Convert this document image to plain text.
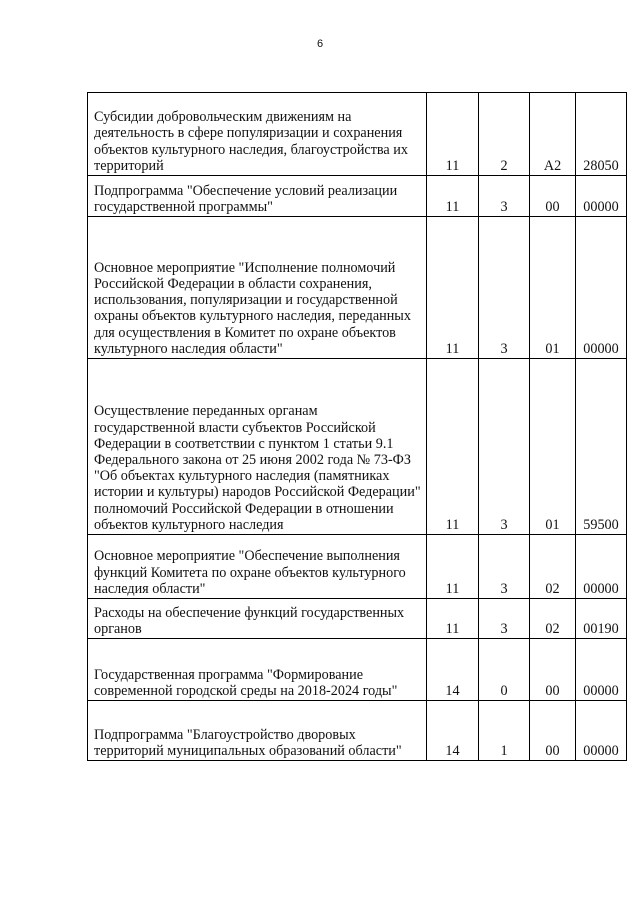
6
Субсидии добровольческим движениям на деятельность в сфере популяризации и сохранения объектов культурного наследия, благоустройства их территорий	11	2	А2	28050
Подпрограмма "Обеспечение условий реализации государственной программы"	11	3	00	00000
Основное мероприятие "Исполнение полномочий Российской Федерации в области сохранения, использования, популяризации и государственной охраны объектов культурного наследия, переданных для осуществления в Комитет по охране объектов культурного наследия области"	11	3	01	00000
Осуществление переданных органам государственной власти субъектов Российской Федерации в соответствии с пунктом 1 статьи 9.1 Федерального закона от 25 июня 2002 года № 73-ФЗ "Об объектах культурного наследия (памятниках истории и культуры) народов Российской Федерации" полномочий Российской Федерации в отношении объектов культурного наследия	11	3	01	59500
Основное мероприятие "Обеспечение выполнения функций Комитета по охране объектов культурного наследия области"	11	3	02	00000
Расходы на обеспечение функций государственных органов	11	3	02	00190
Государственная программа "Формирование современной городской среды на 2018-2024 годы"	14	0	00	00000
Подпрограмма "Благоустройство дворовых территорий муниципальных образований области"	14	1	00	00000
